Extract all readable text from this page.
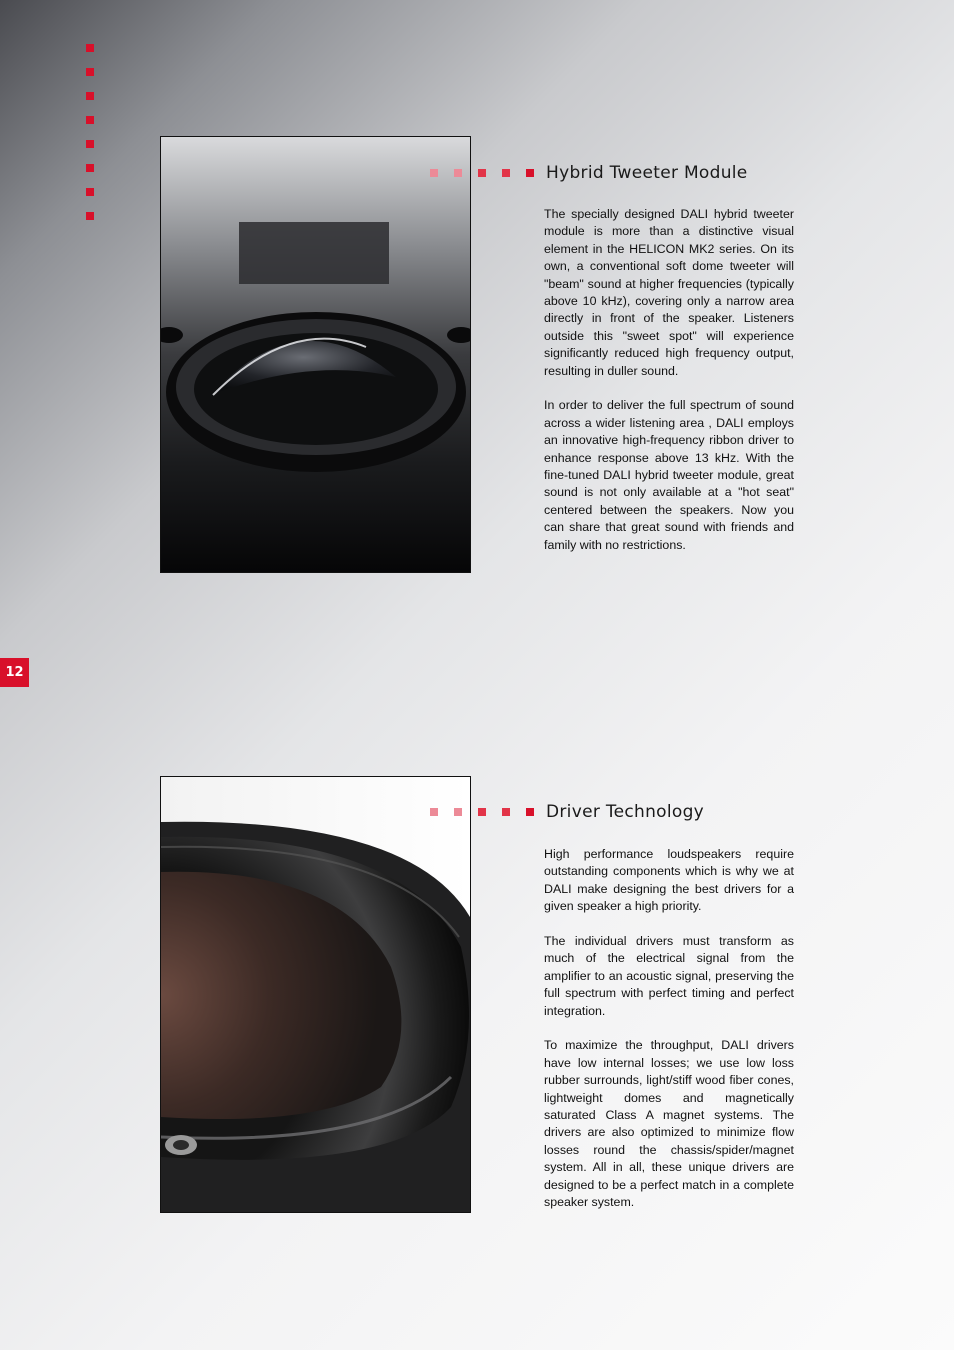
12
Hybrid Tweeter Module

The specially designed DALI hybrid tweeter module is more than a distinctive visual element in the HELICON MK2 series. On its own, a conventional soft dome tweeter will "beam" sound at higher frequencies (typically above 10 kHz), covering only a narrow area directly in front of the speaker. Listeners outside this "sweet spot" will experience significantly reduced high frequency output, resulting in duller sound.

In order to deliver the full spectrum of sound across a wider listening area , DALI employs an innovative high-frequency ribbon driver to enhance response above 13 kHz. With the fine-tuned DALI hybrid tweeter module, great sound is not only available at a "hot seat" centered between the speakers. Now you can share that great sound with friends and family with no restrictions.

Driver Technology

High performance loudspeakers require outstanding components which is why we at DALI make designing the best drivers for a given speaker a high priority.

The individual drivers must transform as much of the electrical signal from the amplifier to an acoustic signal, preserving the full spectrum with perfect timing and perfect integration.

To maximize the throughput, DALI drivers have low internal losses; we use low loss rubber surrounds, light/stiff wood fiber cones, lightweight domes and magnetically saturated Class A magnet systems. The drivers are also optimized to minimize flow losses round the chassis/spider/magnet system. All in all, these unique drivers are designed to be a perfect match in a complete speaker system.
